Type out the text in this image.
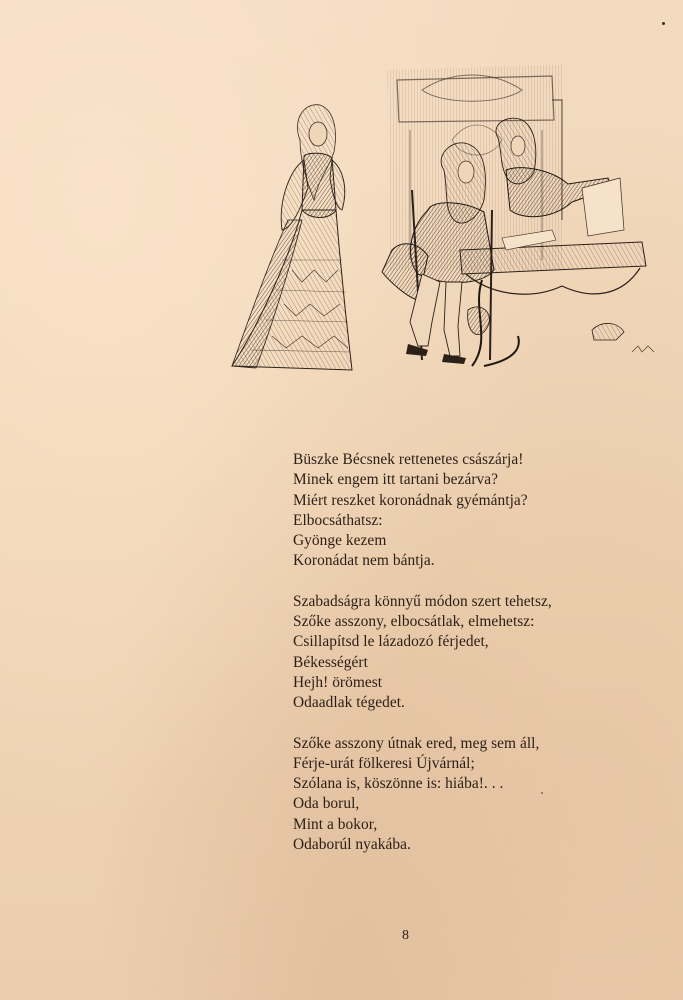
Büszke Bécsnek rettenetes császárja!
Minek engem itt tartani bezárva?
Miért reszket koronádnak gyémántja?
Elbocsáthatsz:
Gyönge kezem
Koronádat nem bántja.

Szabadságra könnyű módon szert tehetsz,
Szőke asszony, elbocsátlak, elmehetsz:
Csillapítsd le lázadozó férjedet,
Békességért
Hejh! örömest
Odaadlak tégedet.

Szőke asszony útnak ered, meg sem áll,
Férje-urát fölkeresi Újvárnál;
Szólana is, köszönne is: hiába!. . .
Oda borul,
Mint a bokor,
Odaborúl nyakába.

8
